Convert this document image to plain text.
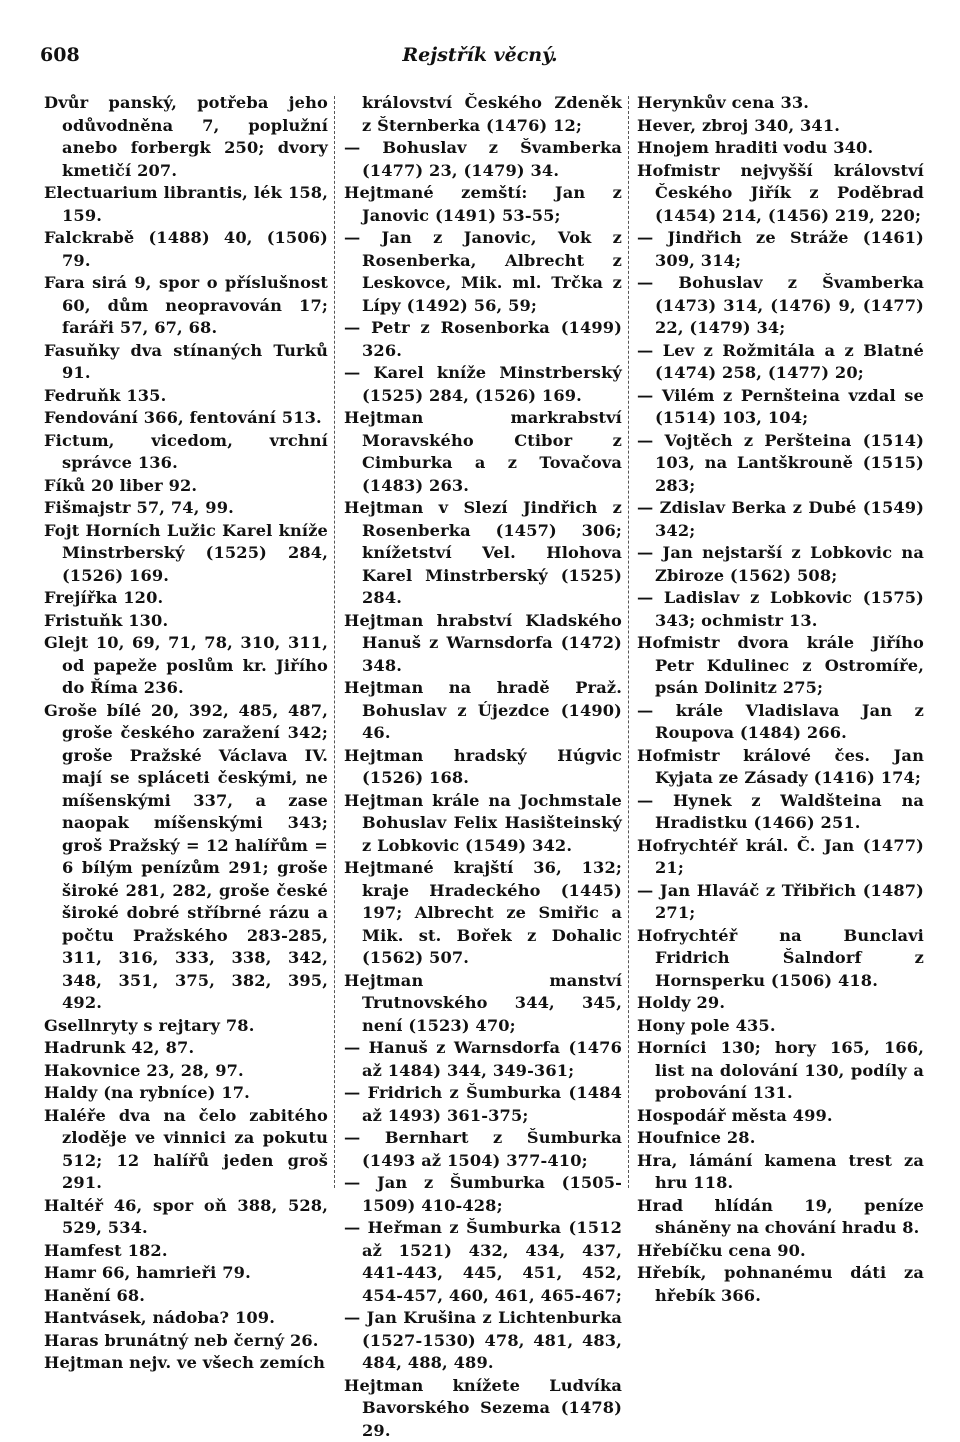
608	Rejstřík věcný.
Dvůr panský, potřeba jeho odůvodněna 7, poplužní anebo forbergk 250; dvory kmetičí 207.
Electuarium librantis, lék 158, 159.
Falckrabě (1488) 40, (1506) 79.
Fara sirá 9, spor o příslušnost 60, dům neopravován 17; faráři 57, 67, 68.
Fasuňky dva stínaných Turků 91.
Fedruňk 135.
Fendování 366, fentování 513.
Fictum, vicedom, vrchní správce 136.
Fíků 20 liber 92.
Fišmajstr 57, 74, 99.
Fojt Horních Lužic Karel kníže Minstrberský (1525) 284, (1526) 169.
Frejířka 120.
Fristuňk 130.
Glejt 10, 69, 71, 78, 310, 311, od papeže poslům kr. Jiřího do Říma 236.
Groše bílé 20, 392, 485, 487, groše českého zaražení 342; groše Pražské Václava IV. mají se spláceti českými, ne míšenskými 337, a zase naopak míšenskými 343; groš Pražský = 12 halířům = 6 bílým penízům 291; groše široké 281, 282, groše české široké dobré stříbrné rázu a počtu Pražského 283-285, 311, 316, 333, 338, 342, 348, 351, 375, 382, 395, 492.
Gsellnryty s rejtary 78.
Hadrunk 42, 87.
Hakovnice 23, 28, 97.
Haldy (na rybníce) 17.
Haléře dva na čelo zabitého zloděje ve vinnici za pokutu 512; 12 halířů jeden groš 291.
Haltéř 46, spor oň 388, 528, 529, 534.
Hamfest 182.
Hamr 66, hamrieři 79.
Hanění 68.
Hantvásek, nádoba? 109.
Haras brunátný neb černý 26.
Hejtman nejv. ve všech zemích
království Českého Zdeněk z Šternberka (1476) 12;
— Bohuslav z Švamberka (1477) 23, (1479) 34.
Hejtmané zemští: Jan z Janovic (1491) 53-55;
— Jan z Janovic, Vok z Rosenberka, Albrecht z Leskovce, Mik. ml. Trčka z Lípy (1492) 56, 59;
— Petr z Rosenborka (1499) 326.
— Karel kníže Minstrberský (1525) 284, (1526) 169.
Hejtman markrabství Moravského Ctibor z Cimburka a z Tovačova (1483) 263.
Hejtman v Slezí Jindřich z Rosenberka (1457) 306; knížetství Vel. Hlohova Karel Minstrberský (1525) 284.
Hejtman hrabství Kladského Hanuš z Warnsdorfa (1472) 348.
Hejtman na hradě Praž. Bohuslav z Újezdce (1490) 46.
Hejtman hradský Húgvic (1526) 168.
Hejtman krále na Jochmstale Bohuslav Felix Hasišteinský z Lobkovic (1549) 342.
Hejtmané krajští 36, 132; kraje Hradeckého (1445) 197; Albrecht ze Smiřic a Mik. st. Bořek z Dohalic (1562) 507.
Hejtman manství Trutnovského 344, 345, není (1523) 470;
— Hanuš z Warnsdorfa (1476 až 1484) 344, 349-361;
— Fridrich z Šumburka (1484 až 1493) 361-375;
— Bernhart z Šumburka (1493 až 1504) 377-410;
— Jan z Šumburka (1505-1509) 410-428;
— Heřman z Šumburka (1512 až 1521) 432, 434, 437, 441-443, 445, 451, 452, 454-457, 460, 461, 465-467;
— Jan Krušina z Lichtenburka (1527-1530) 478, 481, 483, 484, 488, 489.
Hejtman knížete Ludvíka Bavorského Sezema (1478) 29.
Herynkův cena 33.
Hever, zbroj 340, 341.
Hnojem hraditi vodu 340.
Hofmistr nejvyšší království Českého Jiřík z Poděbrad (1454) 214, (1456) 219, 220;
— Jindřich ze Stráže (1461) 309, 314;
— Bohuslav z Švamberka (1473) 314, (1476) 9, (1477) 22, (1479) 34;
— Lev z Rožmitála a z Blatné (1474) 258, (1477) 20;
— Vilém z Pernšteina vzdal se (1514) 103, 104;
— Vojtěch z Peršteina (1514) 103, na Lantškrouně (1515) 283;
— Zdislav Berka z Dubé (1549) 342;
— Jan nejstarší z Lobkovic na Zbiroze (1562) 508;
— Ladislav z Lobkovic (1575) 343; ochmistr 13.
Hofmistr dvora krále Jiřího Petr Kdulinec z Ostromíře, psán Dolinitz 275;
— krále Vladislava Jan z Roupova (1484) 266.
Hofmistr králové čes. Jan Kyjata ze Zásady (1416) 174;
— Hynek z Waldšteina na Hradistku (1466) 251.
Hofrychtéř král. Č. Jan (1477) 21;
— Jan Hlaváč z Třibřich (1487) 271;
Hofrychtéř na Bunclavi Fridrich Šalndorf z Hornsperku (1506) 418.
Holdy 29.
Hony pole 435.
Horníci 130; hory 165, 166, list na dolování 130, podíly a probování 131.
Hospodář města 499.
Houfnice 28.
Hra, lámání kamena trest za hru 118.
Hrad hlídán 19, peníze sháněny na chování hradu 8.
Hřebíčku cena 90.
Hřebík, pohnanému dáti za hřebík 366.
